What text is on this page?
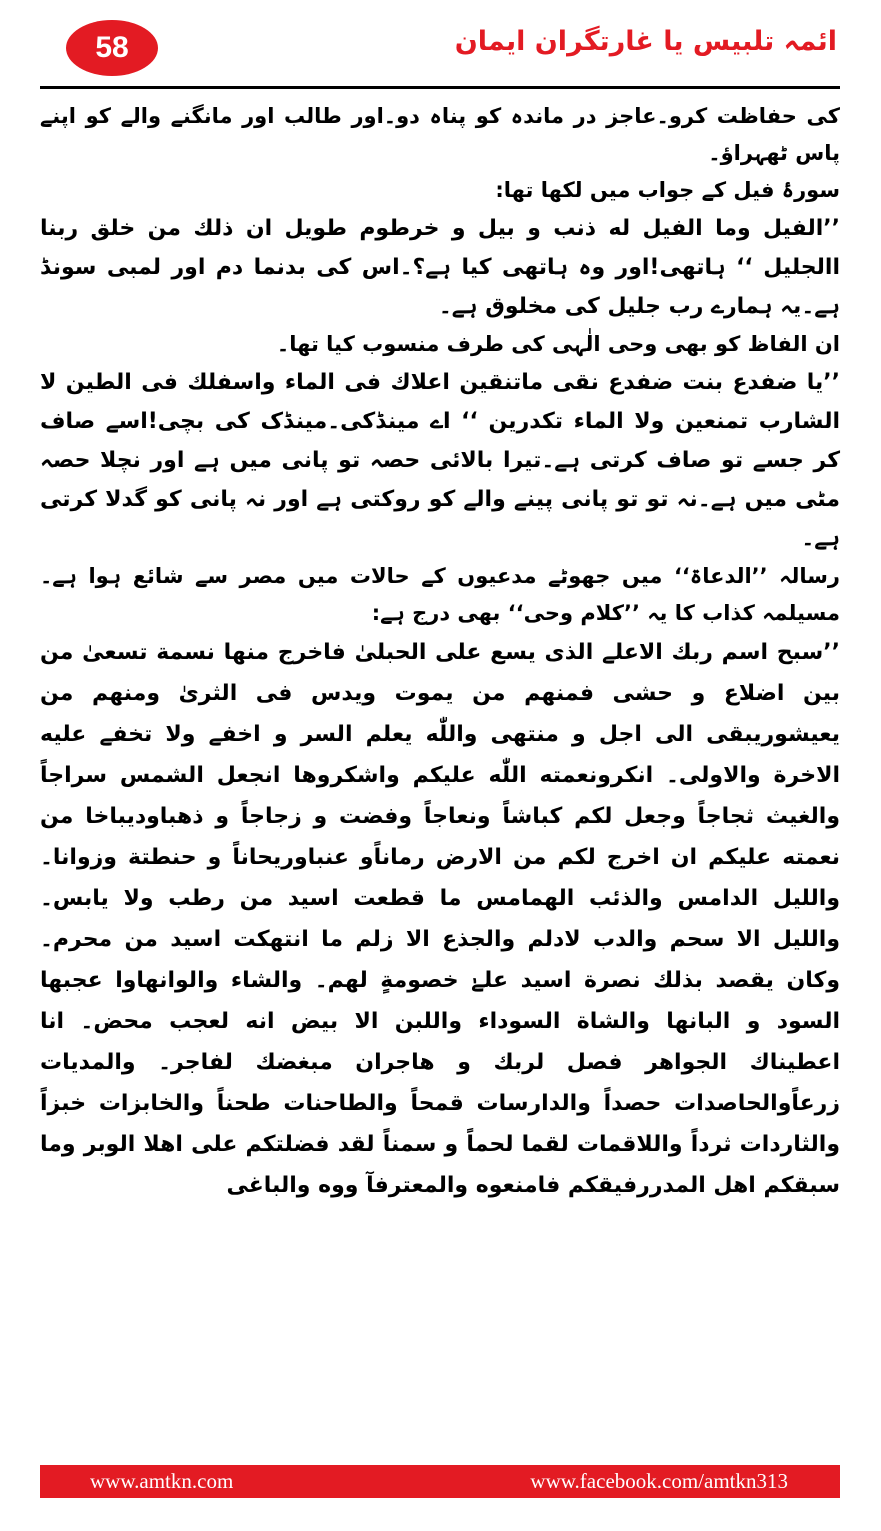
58	ائمہ تلبیس یا غارتگران ایمان

کی حفاظت کرو۔عاجز در ماندہ کو پناہ دو۔اور طالب اور مانگنے والے کو اپنے پاس ٹھہراؤ۔

سورۂ فیل کے جواب میں لکھا تھا:

’’الفیل وما الفیل له ذنب و بیل و خرطوم طویل ان ذلك من خلق ربنا االجلیل ‘‘ ہاتھی!اور وہ ہاتھی کیا ہے؟۔اس کی بدنما دم اور لمبی سونڈ ہے۔یہ ہمارے رب جلیل کی مخلوق ہے۔

ان الفاظ کو بھی وحی الٰہی کی طرف منسوب کیا تھا۔

’’یا ضفدع بنت ضفدع نقی ماتنقین اعلاك فی الماء واسفلك فی الطین لا الشارب تمنعین ولا الماء تکدرین ‘‘ اے مینڈکی۔مینڈک کی بچی!اسے صاف کر جسے تو صاف کرتی ہے۔تیرا بالائی حصہ تو پانی میں ہے اور نچلا حصہ مٹی میں ہے۔نہ تو تو پانی پینے والے کو روکتی ہے اور نہ پانی کو گدلا کرتی ہے۔

رسالہ ’’الدعاۃ‘‘ میں جھوٹے مدعیوں کے حالات میں مصر سے شائع ہوا ہے۔مسیلمہ کذاب کا یہ ’’کلام وحی‘‘ بھی درج ہے:

’’سبح اسم ربك الاعلے الذی یسع علی الحبلیٰ فاخرج منها نسمة تسعیٰ من بین اضلاع و حشی فمنهم من یموت ویدس فی الثریٰ ومنهم من یعیشوریبقی الی اجل و منتهی واللّٰه یعلم السر و اخفے ولا تخفے علیه الاخرة والاولی۔ انکرونعمته اللّٰه علیکم واشکروها انجعل الشمس سراجاً والغیث ثجاجاً وجعل لکم کباشاً ونعاجاً وفضت و زجاجاً و ذهباودیباخا من نعمته علیکم ان اخرج لکم من الارض رماناًو عنباوریحاناً و حنطتة وزوانا۔ واللیل الدامس والذئب الهمامس ما قطعت اسید من رطب ولا یابس۔ واللیل الا سحم والدب لادلم والجذع الا زلم ما انتهکت اسید من محرم۔ وکان یقصد بذلك نصرة اسید علےٰ خصومةٍ لهم۔ والشاء والوانهاوا عجبها السود و البانها والشاة السوداء واللبن الا بیض انه لعجب محض۔ انا اعطیناك الجواهر فصل لربك و هاجران مبغضك لفاجر۔ والمدیات زرعاًوالحاصدات حصداً والدارسات قمحاً والطاحنات طحناً والخابزات خبزاً والثاردات ثرداً واللاقمات لقما لحماً و سمناً لقد فضلتکم علی اهلا الوبر وما سبقکم اهل المدررفیقکم فامنعوه والمعترفآ ووه والباغی

www.amtkn.com	www.facebook.com/amtkn313
